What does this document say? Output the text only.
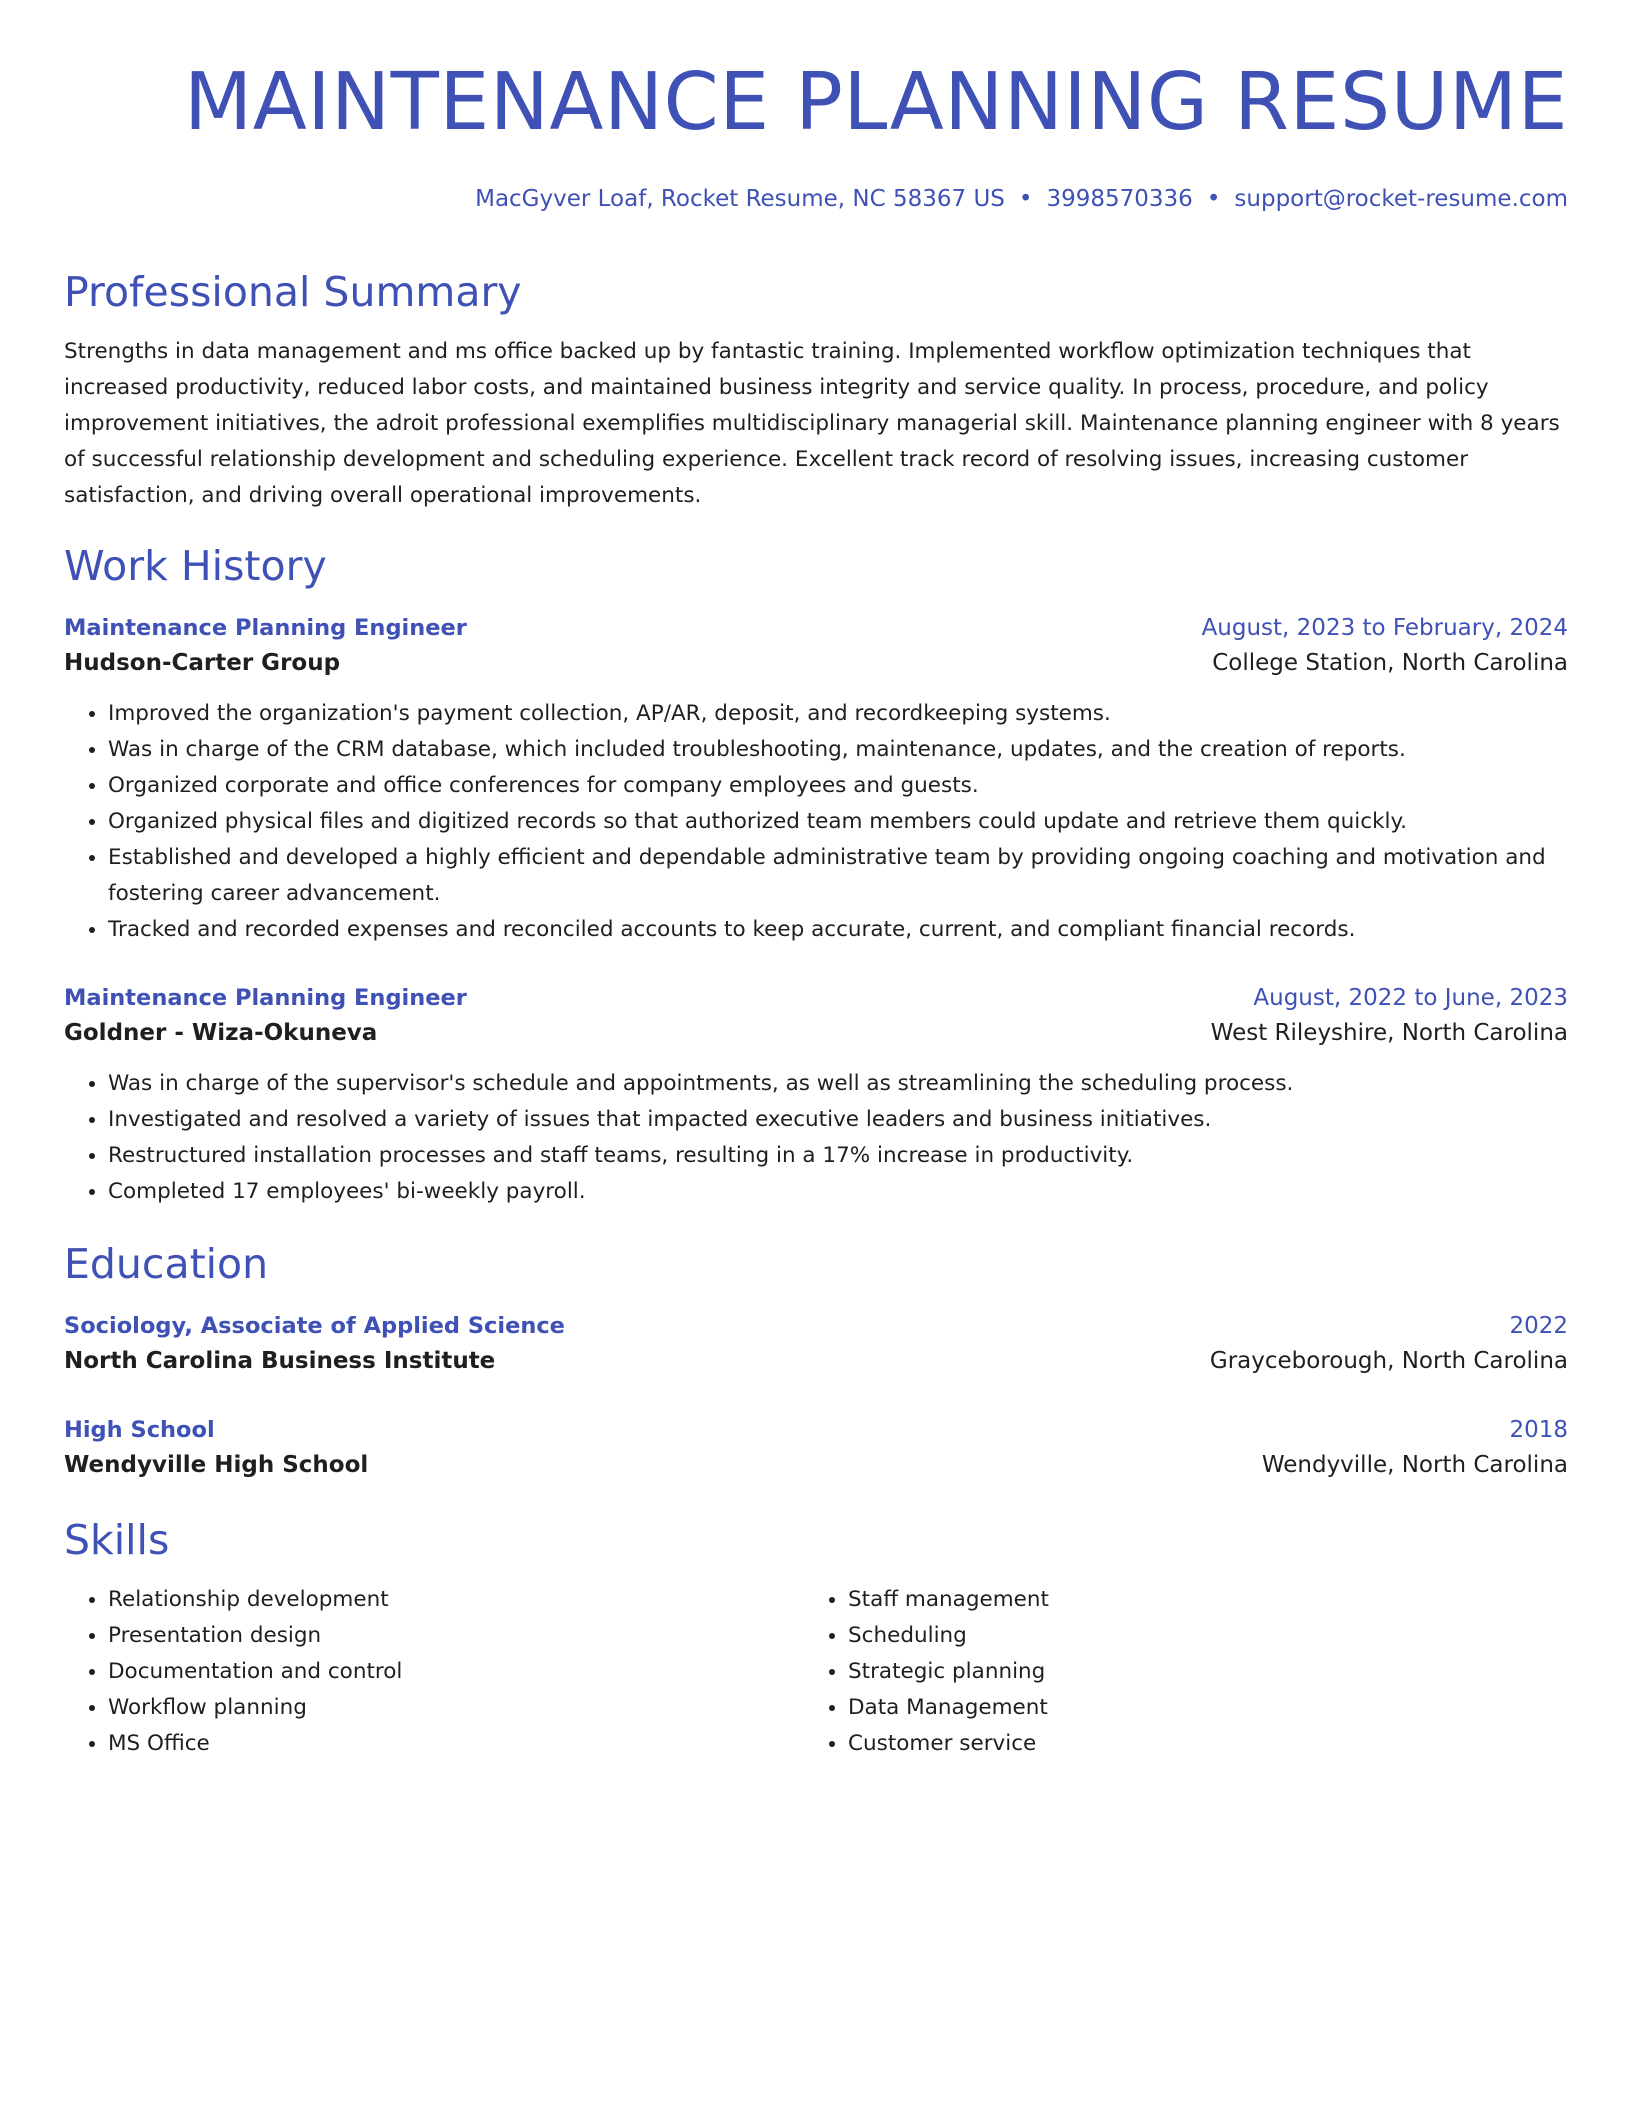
MAINTENANCE PLANNING RESUME
MacGyver Loaf, Rocket Resume, NC 58367 US • 3998570336 • support@rocket-resume.com
Professional Summary
Strengths in data management and ms office backed up by fantastic training. Implemented workflow optimization techniques that increased productivity, reduced labor costs, and maintained business integrity and service quality. In process, procedure, and policy improvement initiatives, the adroit professional exemplifies multidisciplinary managerial skill. Maintenance planning engineer with 8 years of successful relationship development and scheduling experience. Excellent track record of resolving issues, increasing customer satisfaction, and driving overall operational improvements.
Work History
Maintenance Planning Engineer	August, 2023 to February, 2024
Hudson-Carter Group	College Station, North Carolina
• Improved the organization's payment collection, AP/AR, deposit, and recordkeeping systems.
• Was in charge of the CRM database, which included troubleshooting, maintenance, updates, and the creation of reports.
• Organized corporate and office conferences for company employees and guests.
• Organized physical files and digitized records so that authorized team members could update and retrieve them quickly.
• Established and developed a highly efficient and dependable administrative team by providing ongoing coaching and motivation and fostering career advancement.
• Tracked and recorded expenses and reconciled accounts to keep accurate, current, and compliant financial records.
Maintenance Planning Engineer	August, 2022 to June, 2023
Goldner - Wiza-Okuneva	West Rileyshire, North Carolina
• Was in charge of the supervisor's schedule and appointments, as well as streamlining the scheduling process.
• Investigated and resolved a variety of issues that impacted executive leaders and business initiatives.
• Restructured installation processes and staff teams, resulting in a 17% increase in productivity.
• Completed 17 employees' bi-weekly payroll.
Education
Sociology, Associate of Applied Science	2022
North Carolina Business Institute	Grayceborough, North Carolina
High School	2018
Wendyville High School	Wendyville, North Carolina
Skills
• Relationship development
• Presentation design
• Documentation and control
• Workflow planning
• MS Office
• Staff management
• Scheduling
• Strategic planning
• Data Management
• Customer service
